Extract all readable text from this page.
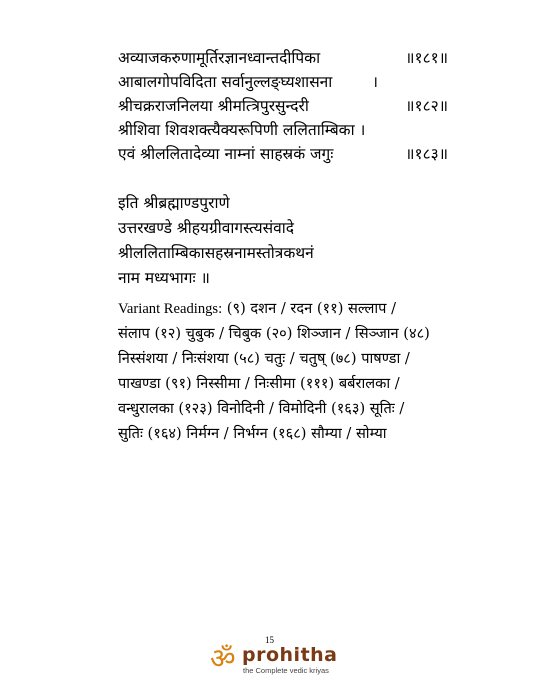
अव्याजकरुणामूर्तिरज्ञानध्वान्तदीपिका	॥१८१॥
आबालगोपविदिता सर्वानुल्लङ्घ्यशासना	।
श्रीचक्रराजनिलया श्रीमत्त्रिपुरसुन्दरी	॥१८२॥
श्रीशिवा शिवशक्त्यैक्यरूपिणी ललिताम्बिका ।
एवं श्रीललितादेव्या नाम्नां साहस्रकं जगुः	॥१८३॥
इति श्रीब्रह्माण्डपुराणे
उत्तरखण्डे श्रीहयग्रीवागस्त्यसंवादे
श्रीललिताम्बिकासहस्रनामस्तोत्रकथनं
नाम मध्यभागः ॥
Variant Readings: (९) दशन / रदन (११) सल्लाप /
संलाप (१२) चुबुक / चिबुक (२०) शिञ्जान / सिञ्जान (४८)
निस्संशया / निःसंशया (५८) चतुः / चतुष् (७८) पाषण्डा /
पाखण्डा (९१) निस्सीमा / निःसीमा (१११) बर्बरालका /
वन्धुरालका (१२३) विनोदिनी / विमोदिनी (१६३) सूतिः /
सुतिः (१६४) निर्मग्न / निर्भग्न (१६८) सौम्या / सोम्या
15
ॐ prohitha
the Complete vedic kriyas
